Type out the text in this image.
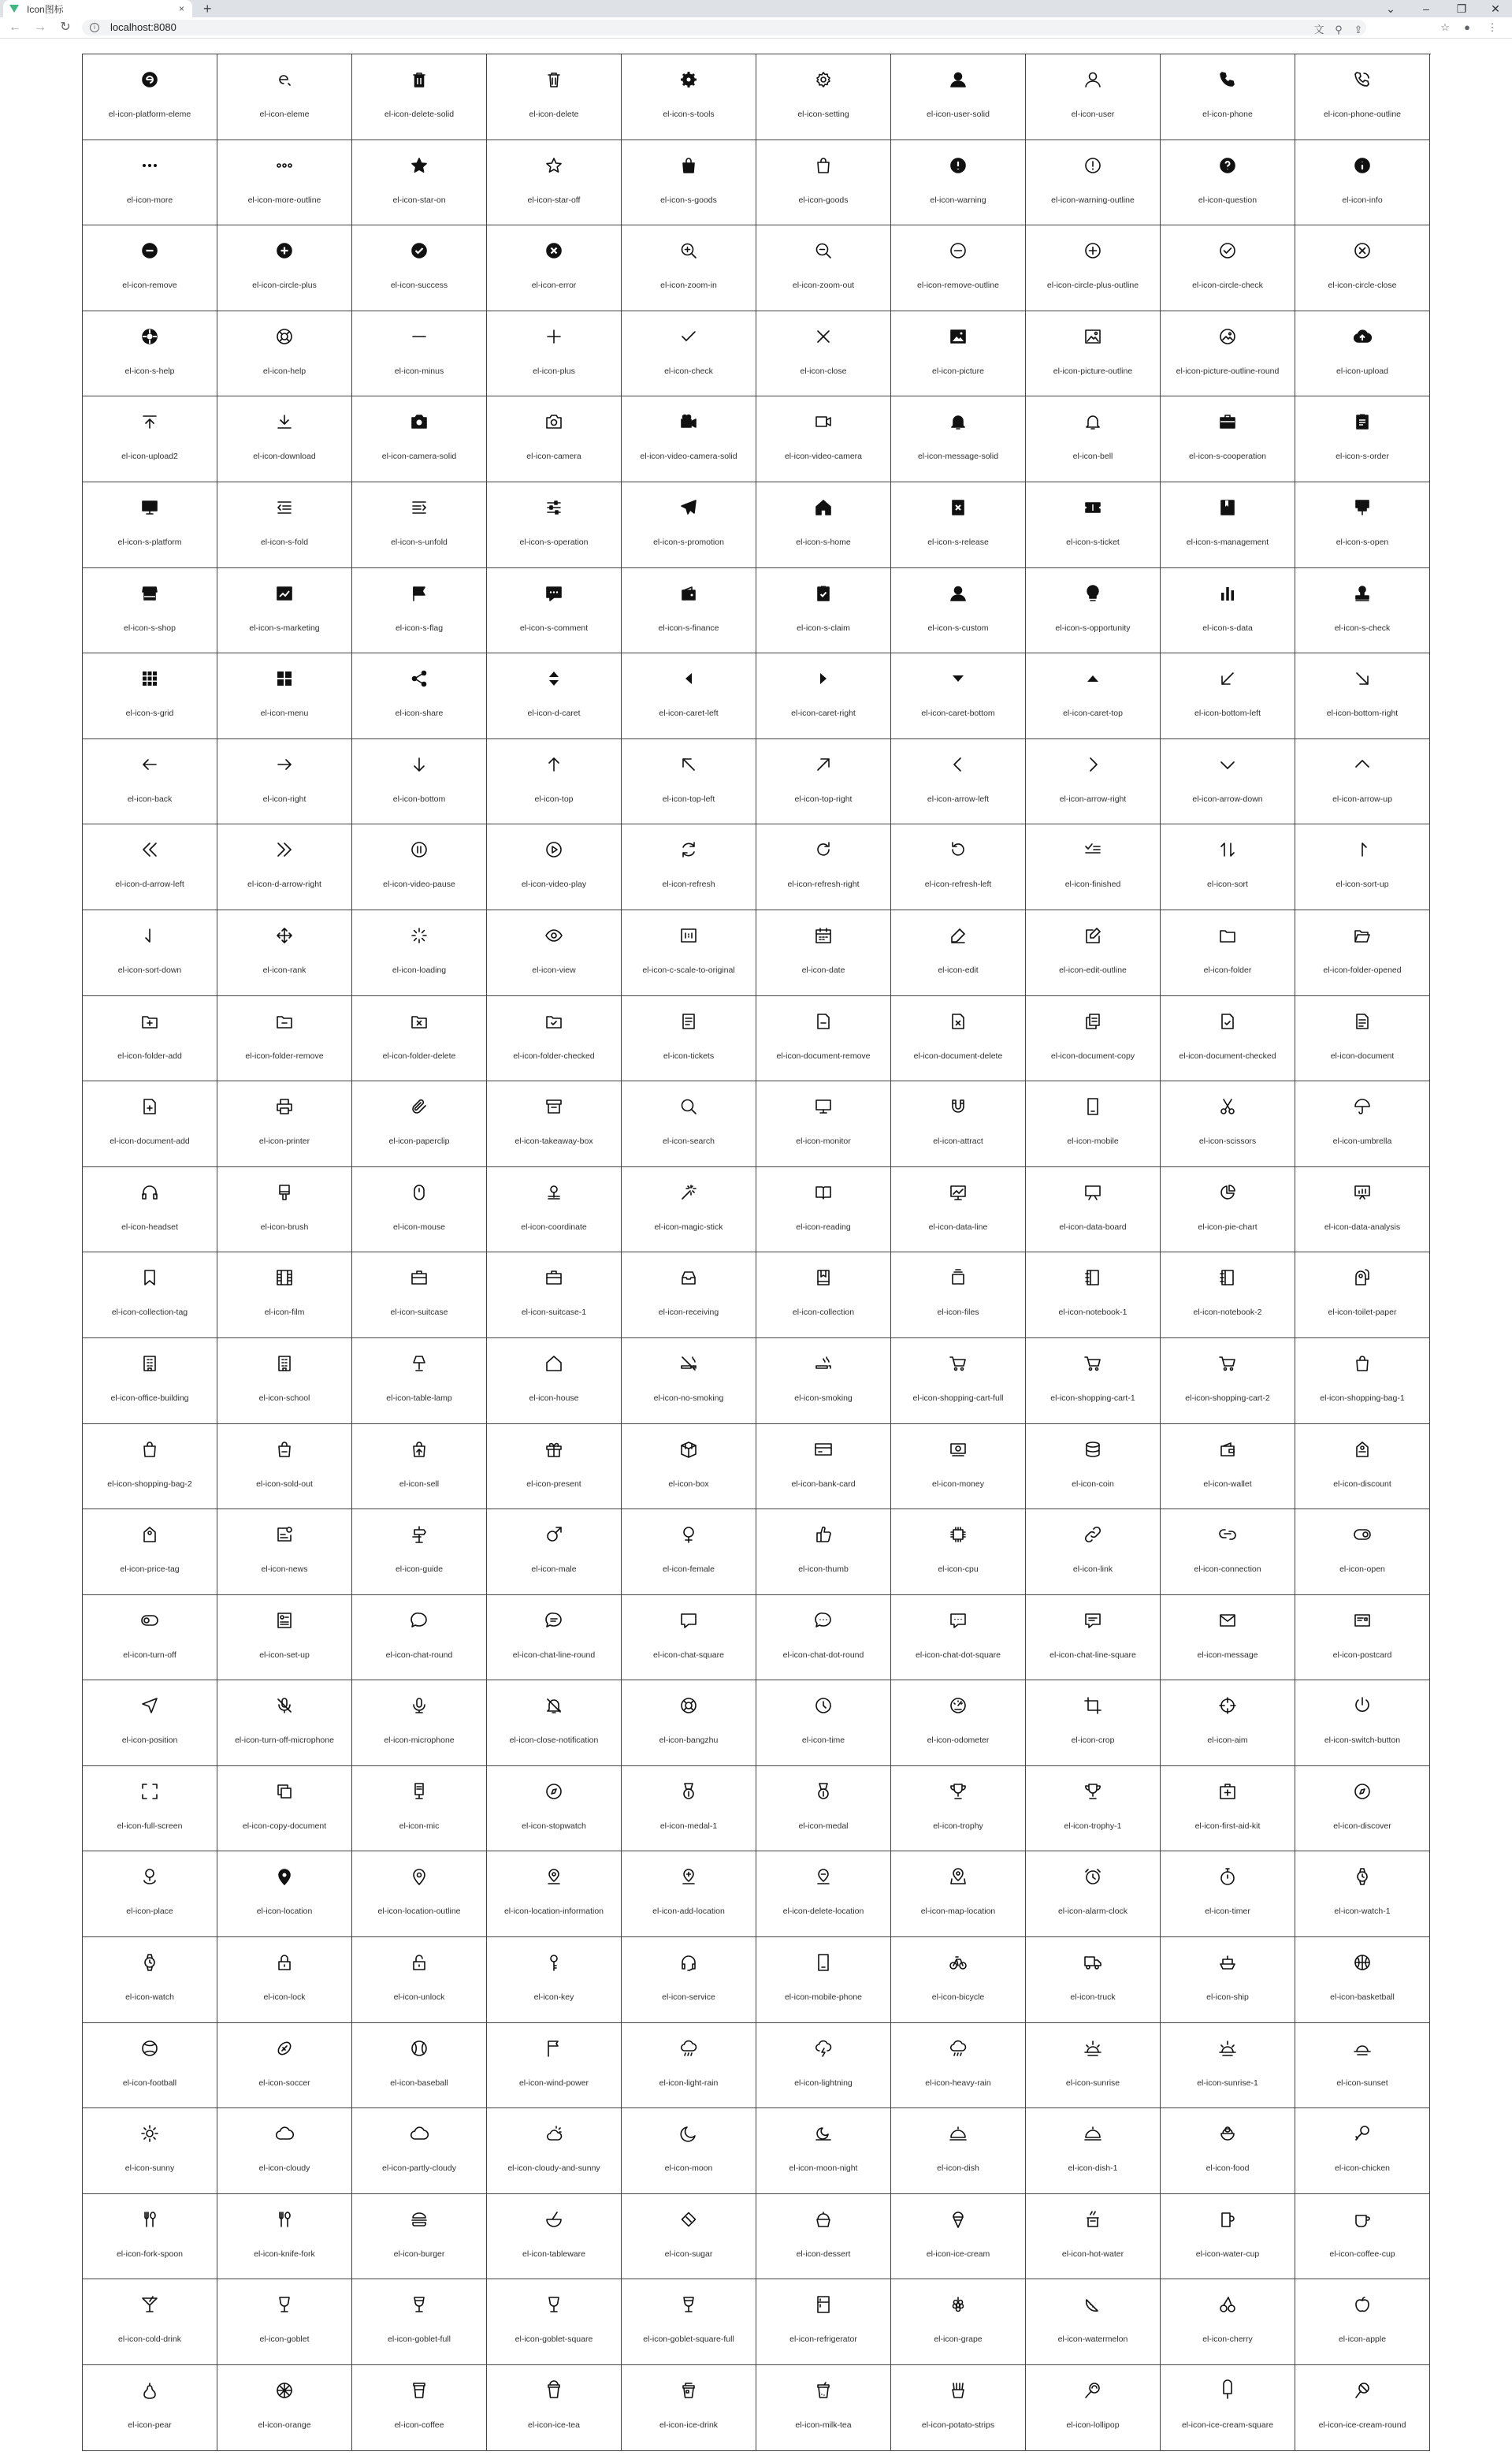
Icon图标	× +	⌄	–	❐	✕
← → ↻	i	localhost:8080	文	⚲	⇪	☆	●	⋮
el-icon-platform-eleme	el-icon-eleme	el-icon-delete-solid	el-icon-delete	el-icon-s-tools	el-icon-setting	el-icon-user-solid	el-icon-user	el-icon-phone	el-icon-phone-outline
el-icon-more	el-icon-more-outline	el-icon-star-on	el-icon-star-off	el-icon-s-goods	el-icon-goods	el-icon-warning	el-icon-warning-outline	el-icon-question	el-icon-info
el-icon-remove	el-icon-circle-plus	el-icon-success	el-icon-error	el-icon-zoom-in	el-icon-zoom-out	el-icon-remove-outline	el-icon-circle-plus-outline	el-icon-circle-check	el-icon-circle-close
el-icon-s-help	el-icon-help	el-icon-minus	el-icon-plus	el-icon-check	el-icon-close	el-icon-picture	el-icon-picture-outline	el-icon-picture-outline-round	el-icon-upload
el-icon-upload2	el-icon-download	el-icon-camera-solid	el-icon-camera	el-icon-video-camera-solid	el-icon-video-camera	el-icon-message-solid	el-icon-bell	el-icon-s-cooperation	el-icon-s-order
el-icon-s-platform	el-icon-s-fold	el-icon-s-unfold	el-icon-s-operation	el-icon-s-promotion	el-icon-s-home	el-icon-s-release	el-icon-s-ticket	el-icon-s-management	el-icon-s-open
el-icon-s-shop	el-icon-s-marketing	el-icon-s-flag	el-icon-s-comment	el-icon-s-finance	el-icon-s-claim	el-icon-s-custom	el-icon-s-opportunity	el-icon-s-data	el-icon-s-check
el-icon-s-grid	el-icon-menu	el-icon-share	el-icon-d-caret	el-icon-caret-left	el-icon-caret-right	el-icon-caret-bottom	el-icon-caret-top	el-icon-bottom-left	el-icon-bottom-right
el-icon-back	el-icon-right	el-icon-bottom	el-icon-top	el-icon-top-left	el-icon-top-right	el-icon-arrow-left	el-icon-arrow-right	el-icon-arrow-down	el-icon-arrow-up
el-icon-d-arrow-left	el-icon-d-arrow-right	el-icon-video-pause	el-icon-video-play	el-icon-refresh	el-icon-refresh-right	el-icon-refresh-left	el-icon-finished	el-icon-sort	el-icon-sort-up
el-icon-sort-down	el-icon-rank	el-icon-loading	el-icon-view	el-icon-c-scale-to-original	el-icon-date	el-icon-edit	el-icon-edit-outline	el-icon-folder	el-icon-folder-opened
el-icon-folder-add	el-icon-folder-remove	el-icon-folder-delete	el-icon-folder-checked	el-icon-tickets	el-icon-document-remove	el-icon-document-delete	el-icon-document-copy	el-icon-document-checked	el-icon-document
el-icon-document-add	el-icon-printer	el-icon-paperclip	el-icon-takeaway-box	el-icon-search	el-icon-monitor	el-icon-attract	el-icon-mobile	el-icon-scissors	el-icon-umbrella
el-icon-headset	el-icon-brush	el-icon-mouse	el-icon-coordinate	el-icon-magic-stick	el-icon-reading	el-icon-data-line	el-icon-data-board	el-icon-pie-chart	el-icon-data-analysis
el-icon-collection-tag	el-icon-film	el-icon-suitcase	el-icon-suitcase-1	el-icon-receiving	el-icon-collection	el-icon-files	el-icon-notebook-1	el-icon-notebook-2	el-icon-toilet-paper
el-icon-office-building	el-icon-school	el-icon-table-lamp	el-icon-house	el-icon-no-smoking	el-icon-smoking	el-icon-shopping-cart-full	el-icon-shopping-cart-1	el-icon-shopping-cart-2	el-icon-shopping-bag-1
el-icon-shopping-bag-2	el-icon-sold-out	el-icon-sell	el-icon-present	el-icon-box	el-icon-bank-card	el-icon-money	el-icon-coin	el-icon-wallet	el-icon-discount
el-icon-price-tag	el-icon-news	el-icon-guide	el-icon-male	el-icon-female	el-icon-thumb	el-icon-cpu	el-icon-link	el-icon-connection	el-icon-open
el-icon-turn-off	el-icon-set-up	el-icon-chat-round	el-icon-chat-line-round	el-icon-chat-square	el-icon-chat-dot-round	el-icon-chat-dot-square	el-icon-chat-line-square	el-icon-message	el-icon-postcard
el-icon-position	el-icon-turn-off-microphone	el-icon-microphone	el-icon-close-notification	el-icon-bangzhu	el-icon-time	el-icon-odometer	el-icon-crop	el-icon-aim	el-icon-switch-button
el-icon-full-screen	el-icon-copy-document	el-icon-mic	el-icon-stopwatch	el-icon-medal-1	el-icon-medal	el-icon-trophy	el-icon-trophy-1	el-icon-first-aid-kit	el-icon-discover
el-icon-place	el-icon-location	el-icon-location-outline	el-icon-location-information	el-icon-add-location	el-icon-delete-location	el-icon-map-location	el-icon-alarm-clock	el-icon-timer	el-icon-watch-1
el-icon-watch	el-icon-lock	el-icon-unlock	el-icon-key	el-icon-service	el-icon-mobile-phone	el-icon-bicycle	el-icon-truck	el-icon-ship	el-icon-basketball
el-icon-football	el-icon-soccer	el-icon-baseball	el-icon-wind-power	el-icon-light-rain	el-icon-lightning	el-icon-heavy-rain	el-icon-sunrise	el-icon-sunrise-1	el-icon-sunset
el-icon-sunny	el-icon-cloudy	el-icon-partly-cloudy	el-icon-cloudy-and-sunny	el-icon-moon	el-icon-moon-night	el-icon-dish	el-icon-dish-1	el-icon-food	el-icon-chicken
el-icon-fork-spoon	el-icon-knife-fork	el-icon-burger	el-icon-tableware	el-icon-sugar	el-icon-dessert	el-icon-ice-cream	el-icon-hot-water	el-icon-water-cup	el-icon-coffee-cup
el-icon-cold-drink	el-icon-goblet	el-icon-goblet-full	el-icon-goblet-square	el-icon-goblet-square-full	el-icon-refrigerator	el-icon-grape	el-icon-watermelon	el-icon-cherry	el-icon-apple
el-icon-pear	el-icon-orange	el-icon-coffee	el-icon-ice-tea	el-icon-ice-drink	el-icon-milk-tea	el-icon-potato-strips	el-icon-lollipop	el-icon-ice-cream-square	el-icon-ice-cream-round
